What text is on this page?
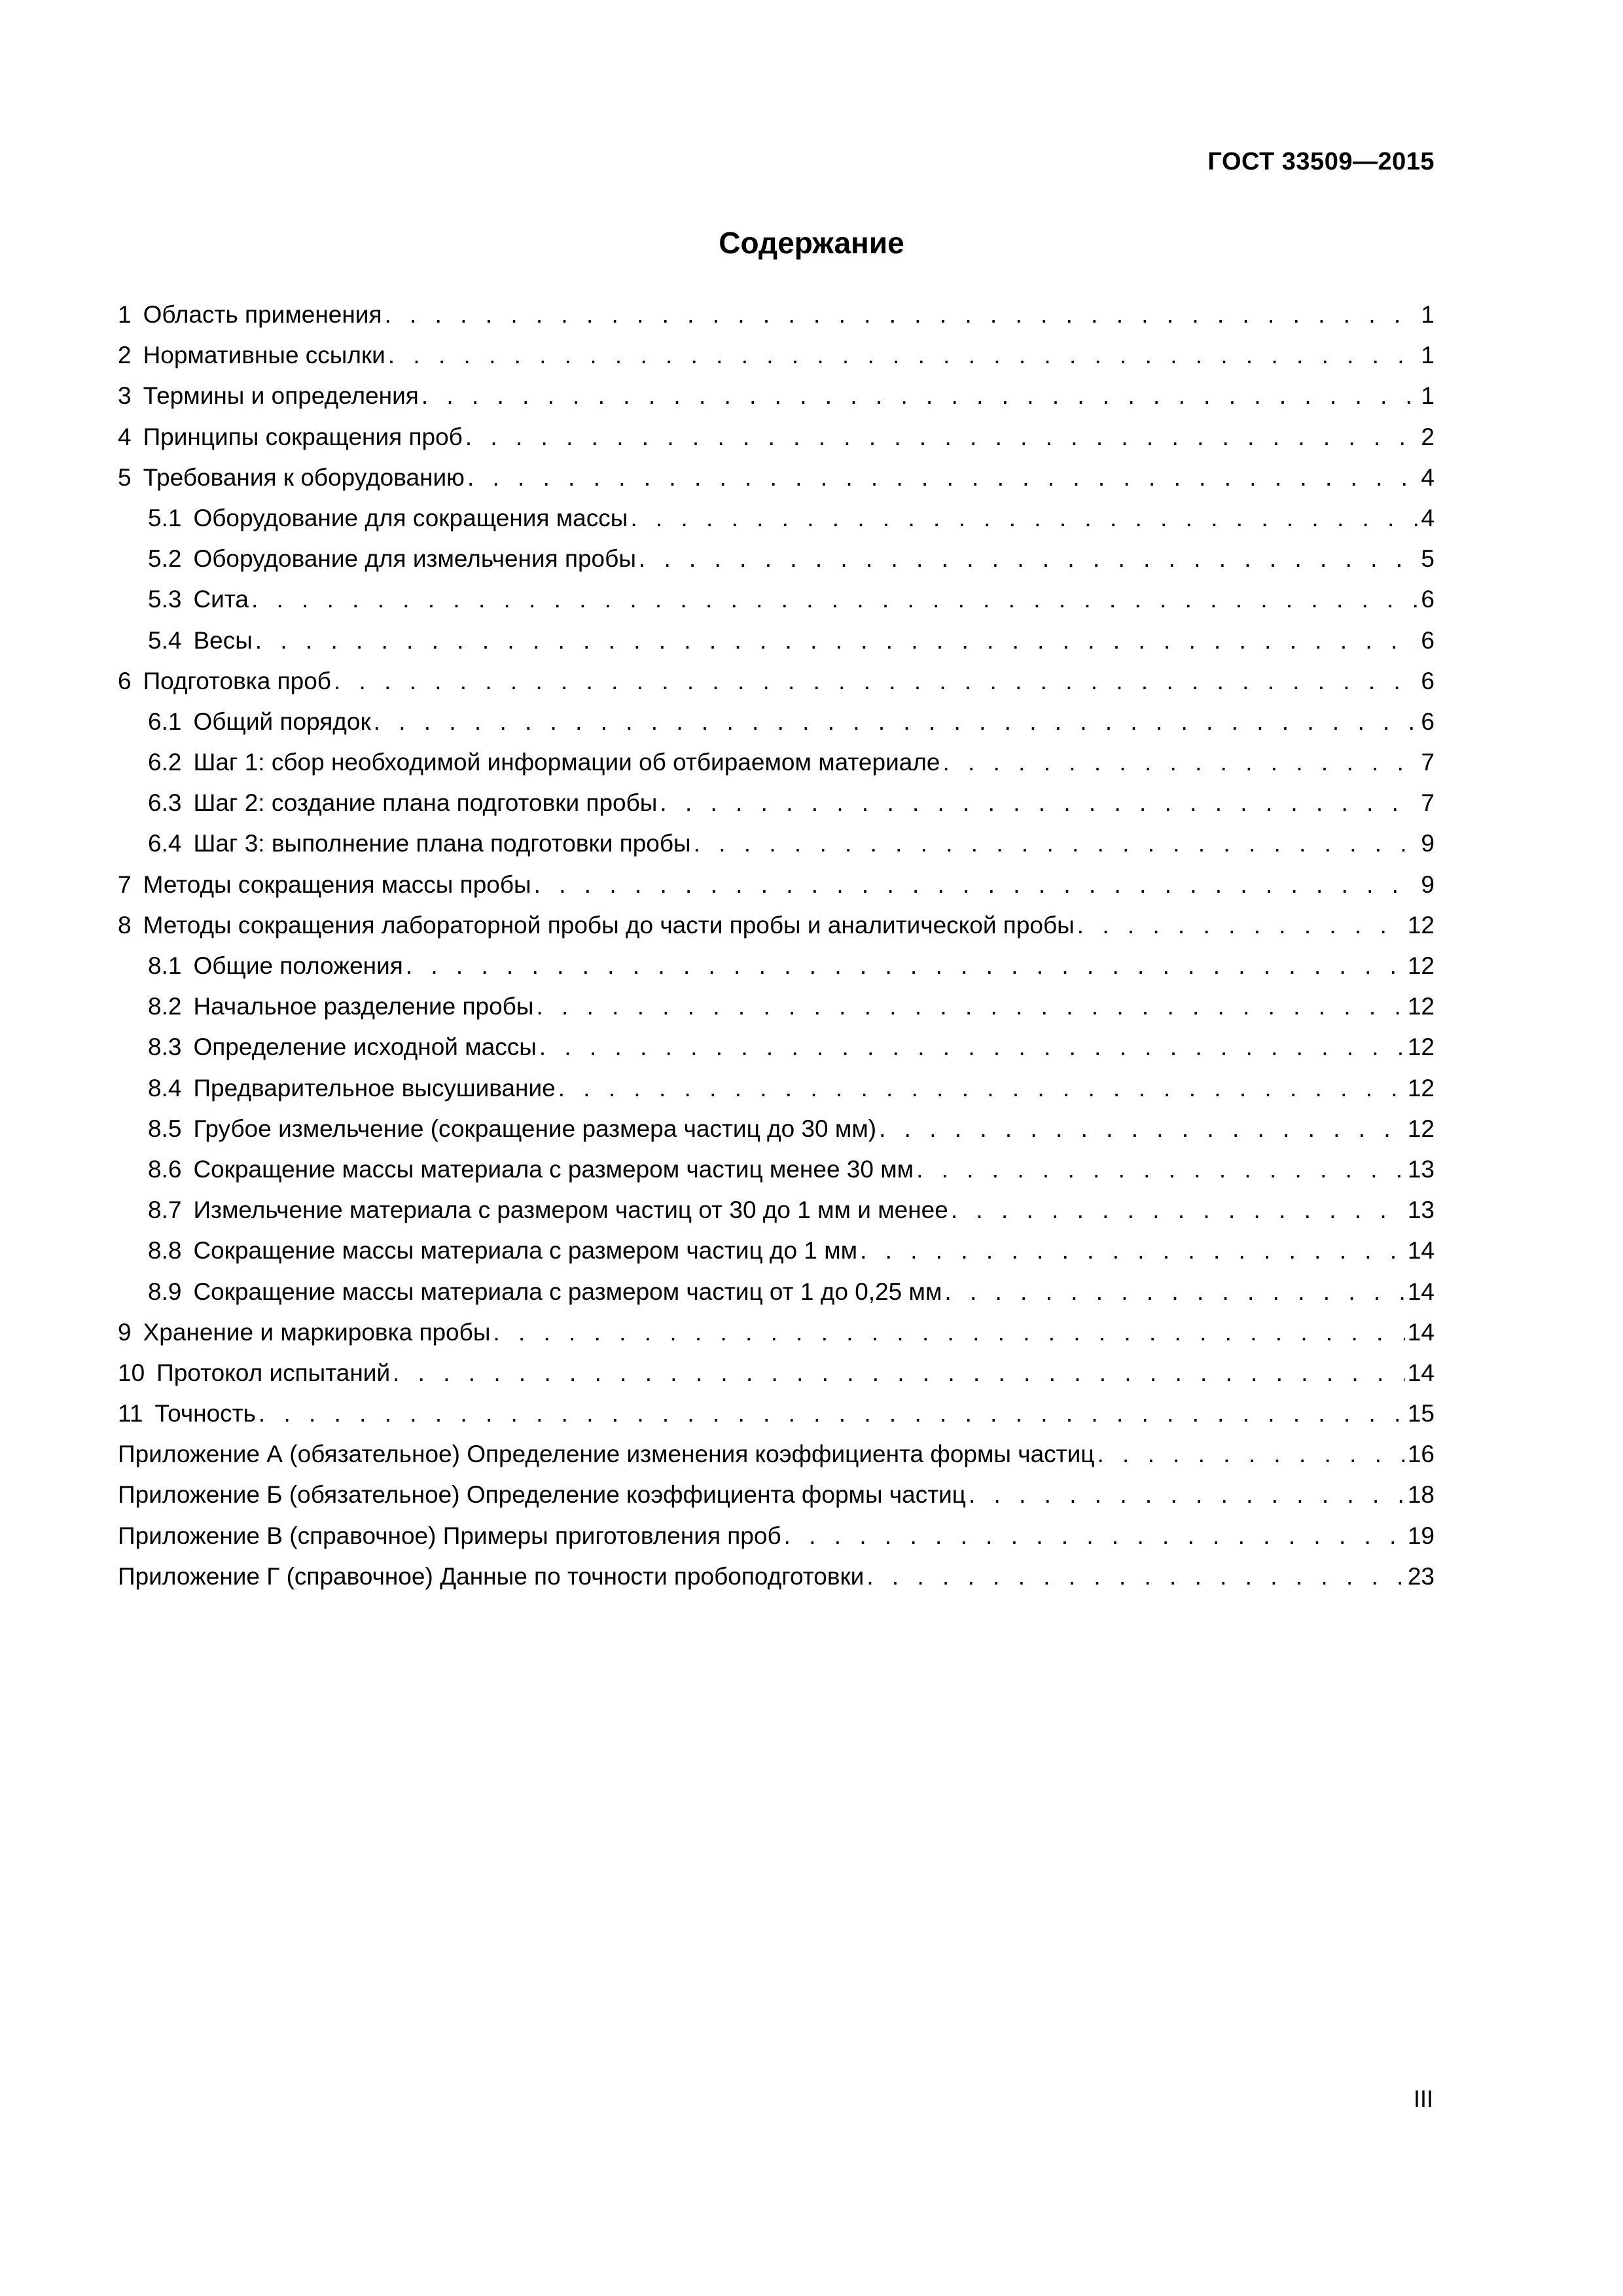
ГОСТ 33509—2015
Содержание
1 Область применения . . .	1
2 Нормативные ссылки . . .	1
3 Термины и определения . . .	1
4 Принципы сокращения проб . . .	2
5 Требования к оборудованию . . .	4
5.1 Оборудование для сокращения массы . . .	4
5.2 Оборудование для измельчения пробы . . .	5
5.3 Сита . . .	6
5.4 Весы . . .	6
6 Подготовка проб . . .	6
6.1 Общий порядок . . .	6
6.2 Шаг 1: сбор необходимой информации об отбираемом материале . . .	7
6.3 Шаг 2: создание плана подготовки пробы . . .	7
6.4 Шаг 3: выполнение плана подготовки пробы . . .	9
7 Методы сокращения массы пробы . . .	9
8 Методы сокращения лабораторной пробы до части пробы и аналитической пробы . . .	12
8.1 Общие положения . . .	12
8.2 Начальное разделение пробы . . .	12
8.3 Определение исходной массы . . .	12
8.4 Предварительное высушивание . . .	12
8.5 Грубое измельчение (сокращение размера частиц до 30 мм) . . .	12
8.6 Сокращение массы материала с размером частиц менее 30 мм . . .	13
8.7 Измельчение материала с размером частиц от 30 до 1 мм и менее . . .	13
8.8 Сокращение массы материала с размером частиц до 1 мм . . .	14
8.9 Сокращение массы материала с размером частиц от 1 до 0,25 мм . . .	14
9 Хранение и маркировка пробы . . .	14
10 Протокол испытаний . . .	14
11 Точность . . .	15
Приложение А (обязательное) Определение изменения коэффициента формы частиц . . .	16
Приложение Б (обязательное) Определение коэффициента формы частиц . . .	18
Приложение В (справочное) Примеры приготовления проб . . .	19
Приложение Г (справочное) Данные по точности пробоподготовки . . .	23
III
